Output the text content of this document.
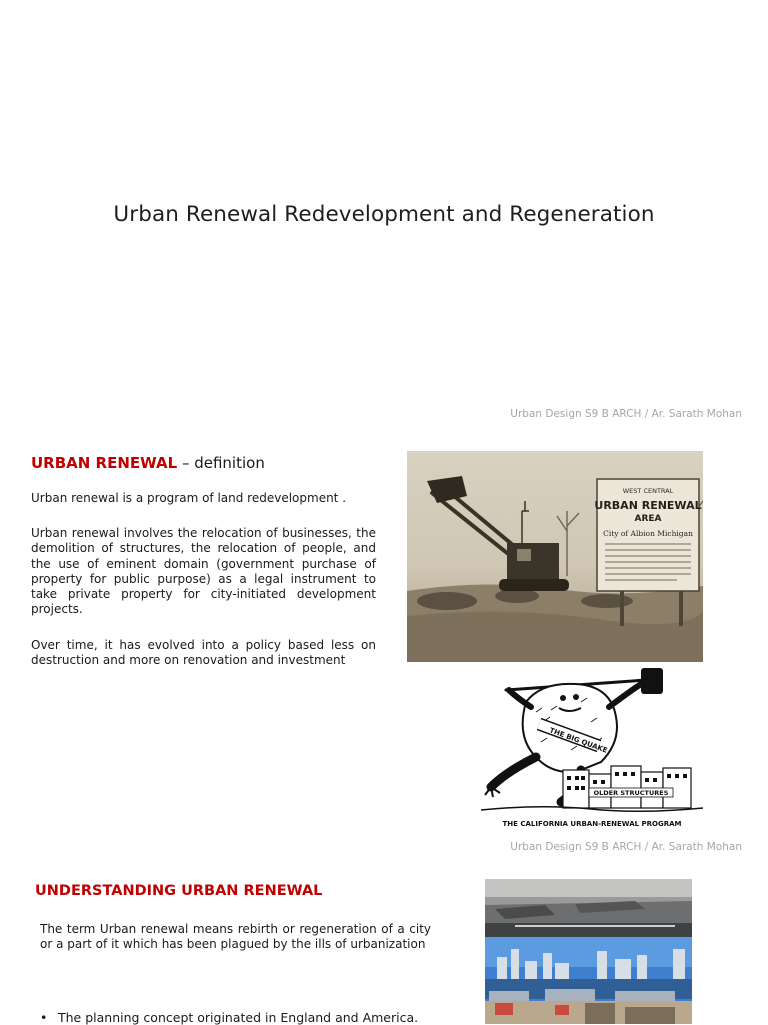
Urban Renewal Redevelopment and Regeneration
Urban Design S9 B ARCH / Ar. Sarath Mohan
URBAN RENEWAL – definition
Urban renewal is a program of land redevelopment .
Urban renewal involves the relocation of businesses, the demolition of structures, the relocation of people, and the use of eminent domain (government purchase of property for public purpose) as a legal instrument to take private property for city-initiated development projects.
Over time, it has evolved into a policy based less on destruction and more on renovation and investment
WEST CENTRAL
URBAN RENEWAL
AREA
City of Albion Michigan
THE BIG QUAKE
OLDER STRUCTURES
THE CALIFORNIA URBAN-RENEWAL PROGRAM
Urban Design S9 B ARCH / Ar. Sarath Mohan
UNDERSTANDING URBAN RENEWAL
The term Urban renewal means rebirth or regeneration of a city or a part of it which has been plagued by the ills of urbanization
• The planning concept originated in England and America.
